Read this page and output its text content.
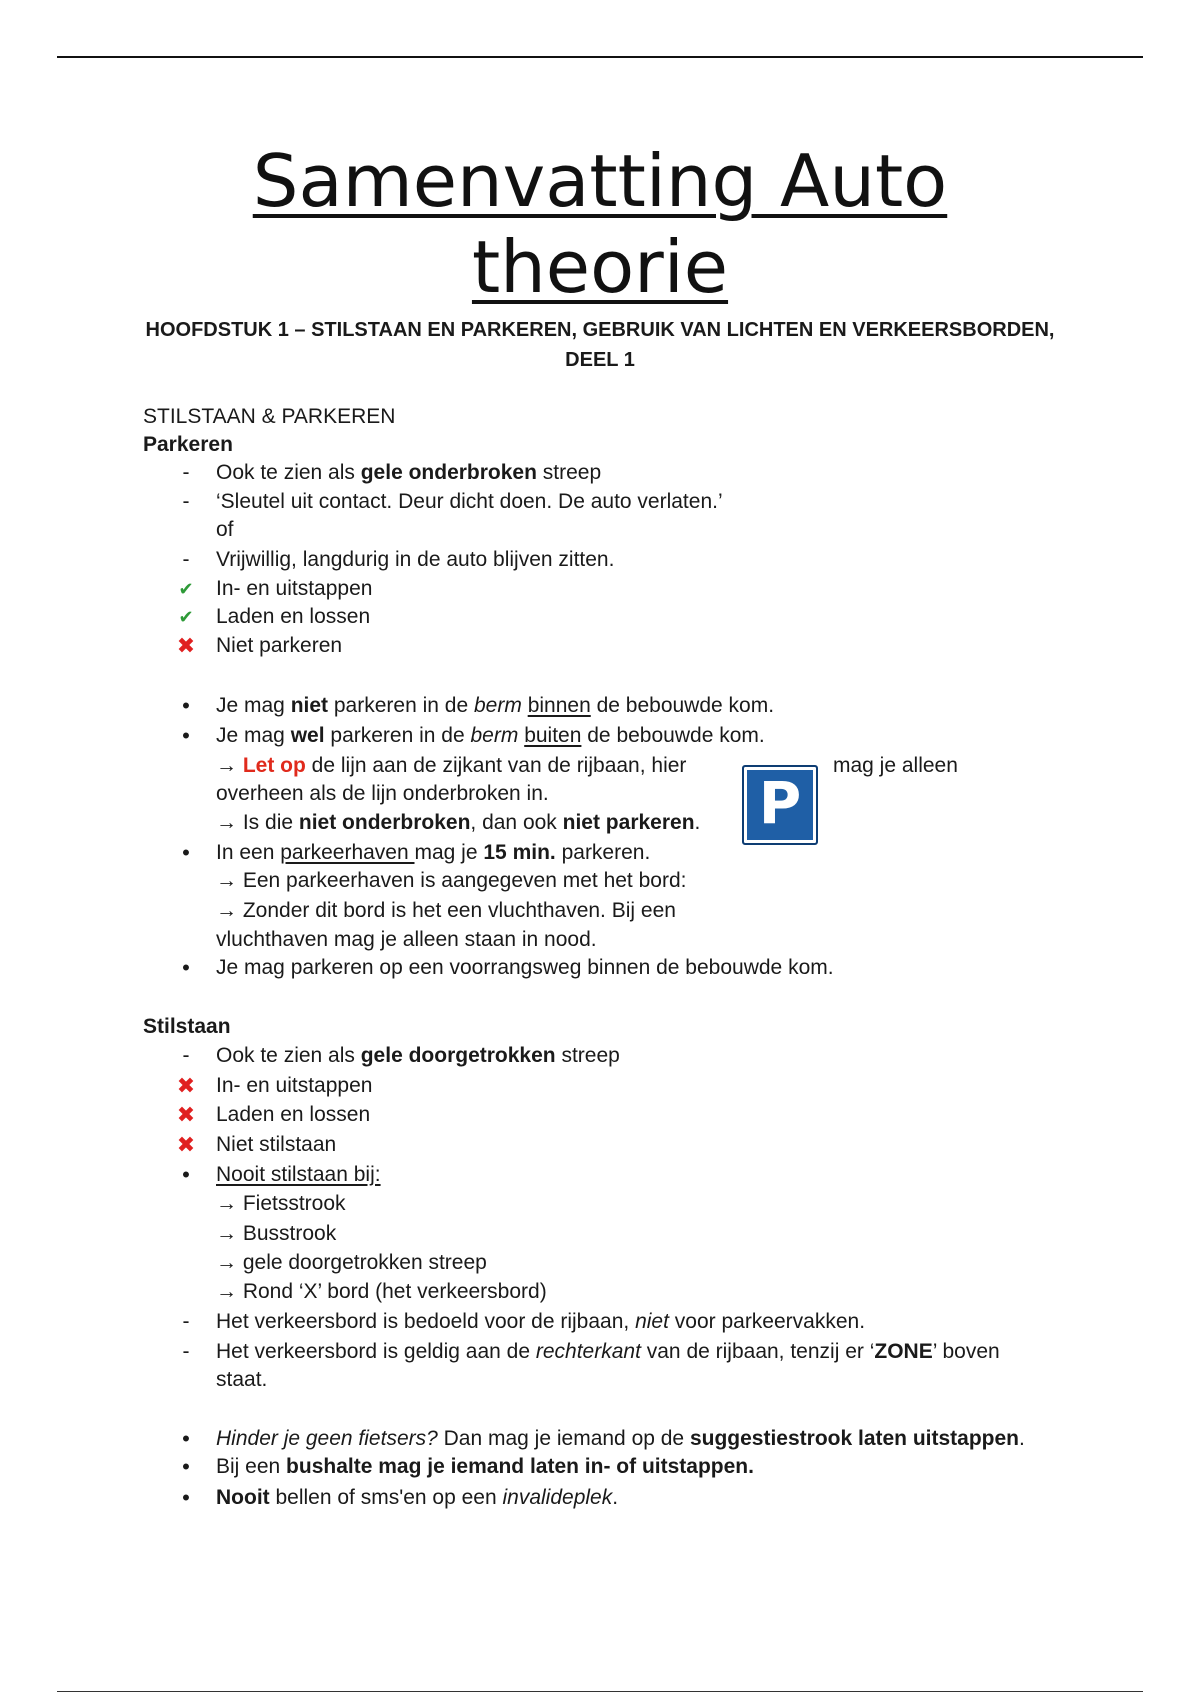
Samenvatting Auto
theorie
HOOFDSTUK 1 – STILSTAAN EN PARKEREN, GEBRUIK VAN LICHTEN EN VERKEERSBORDEN,
DEEL 1
STILSTAAN & PARKEREN
Parkeren
-	Ook te zien als gele onderbroken streep
-	‘Sleutel uit contact. Deur dicht doen. De auto verlaten.’
of
-	Vrijwillig, langdurig in de auto blijven zitten.
✔ In- en uitstappen
✔ Laden en lossen
✖ Niet parkeren
• Je mag niet parkeren in de berm binnen de bebouwde kom.
• Je mag wel parkeren in de berm buiten de bebouwde kom.
→ Let op de lijn aan de zijkant van de rijbaan, hier	mag je alleen
overheen als de lijn onderbroken in.
→ Is die niet onderbroken, dan ook niet parkeren.
• In een parkeerhaven mag je 15 min. parkeren.
→ Een parkeerhaven is aangegeven met het bord:
→ Zonder dit bord is het een vluchthaven. Bij een
vluchthaven mag je alleen staan in nood.
• Je mag parkeren op een voorrangsweg binnen de bebouwde kom.
Stilstaan
-	Ook te zien als gele doorgetrokken streep
✖ In- en uitstappen
✖ Laden en lossen
✖ Niet stilstaan
• Nooit stilstaan bij:
→ Fietsstrook
→ Busstrook
→ gele doorgetrokken streep
→ Rond ‘X’ bord (het verkeersbord)
-	Het verkeersbord is bedoeld voor de rijbaan, niet voor parkeervakken.
-	Het verkeersbord is geldig aan de rechterkant van de rijbaan, tenzij er ‘ZONE’ boven
staat.
• Hinder je geen fietsers? Dan mag je iemand op de suggestiestrook laten uitstappen.
• Bij een bushalte mag je iemand laten in- of uitstappen.
• Nooit bellen of sms'en op een invalideplek.
P
